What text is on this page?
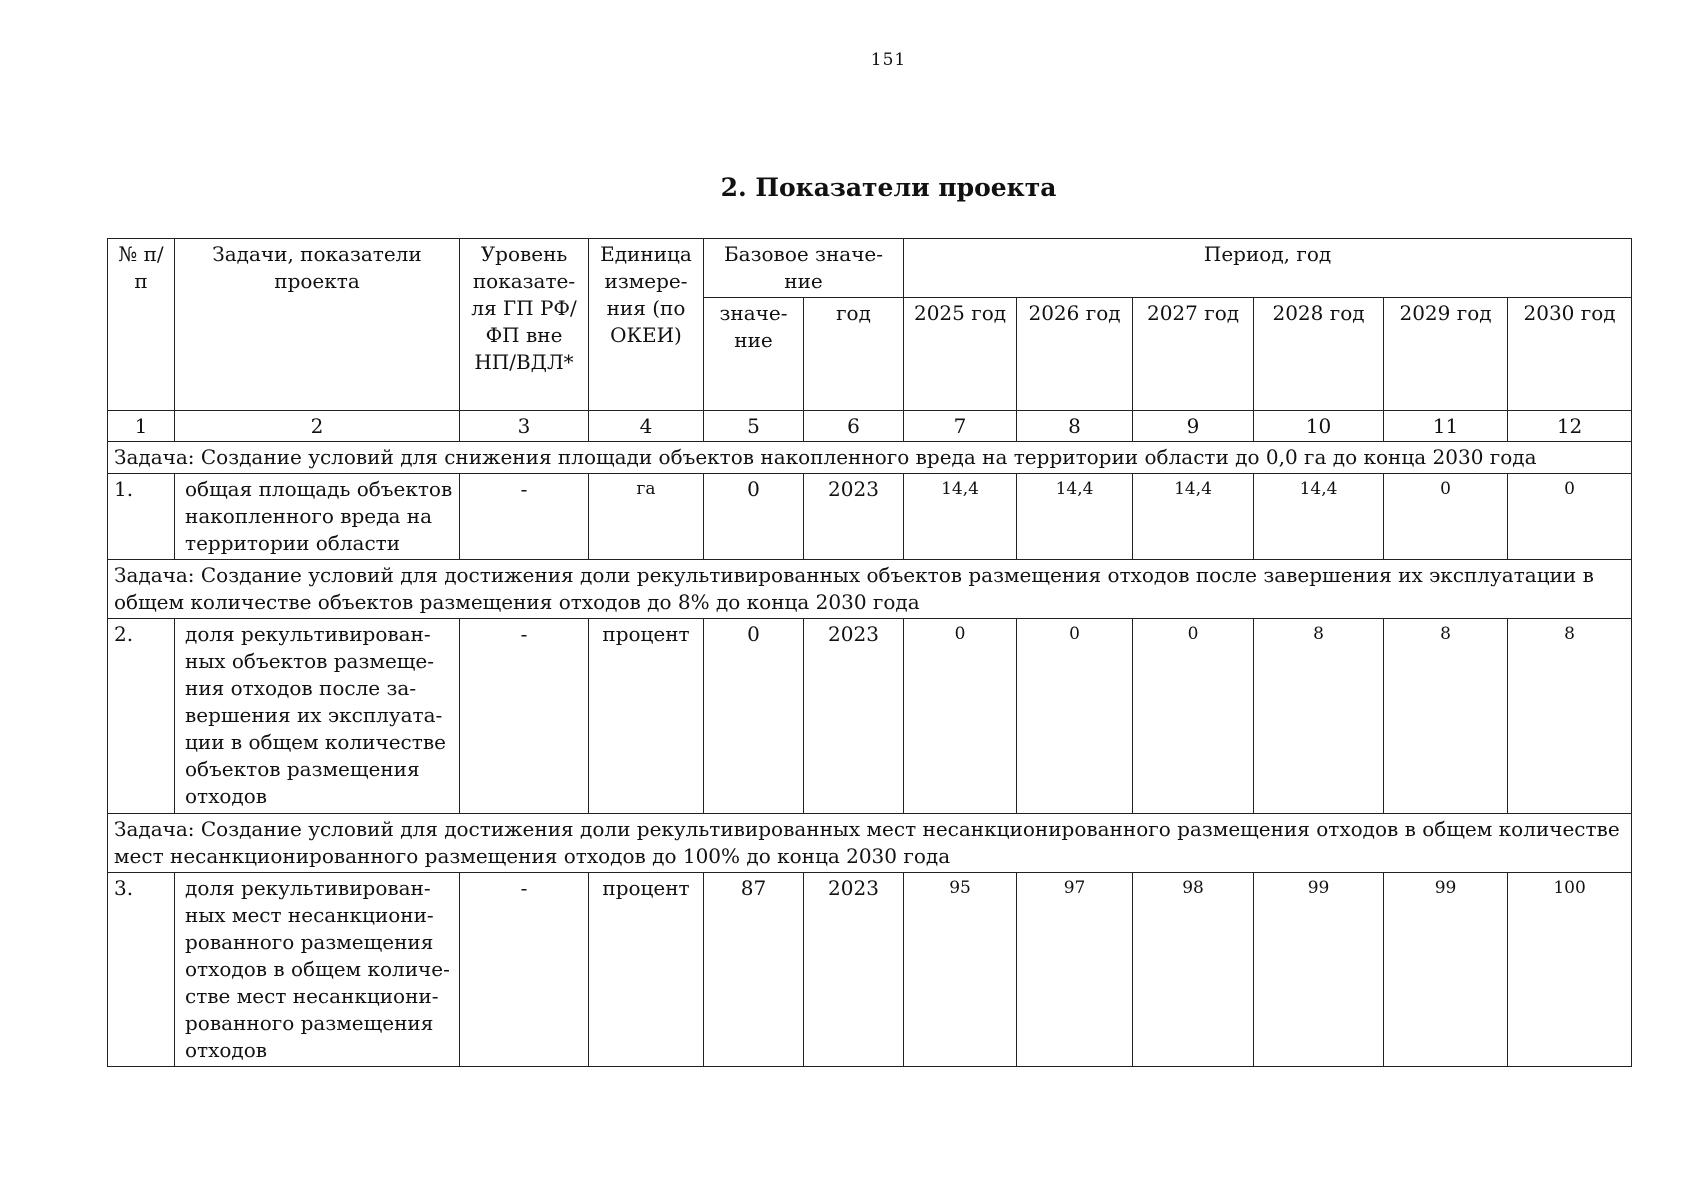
151
2. Показатели проекта
№ п/п	Задачи, показатели проекта	Уровень показате-ля ГП РФ/ФП вне НП/ВДЛ*	Единица измере-ния (по ОКЕИ)	Базовое значе-ние		Период, год					
				значе-ние	год	2025 год	2026 год	2027 год	2028 год	2029 год	2030 год
1	2	3	4	5	6	7	8	9	10	11	12
Задача: Создание условий для снижения площади объектов накопленного вреда на территории области до 0,0 га до конца 2030 года											
1.	общая площадь объектов накопленного вреда на территории области	-	га	0	2023	14,4	14,4	14,4	14,4	0	0
Задача: Создание условий для достижения доли рекультивированных объектов размещения отходов после завершения их эксплуатации в общем количестве объектов размещения отходов до 8% до конца 2030 года											
2.	доля рекультивирован-ных объектов размеще-ния отходов после за-вершения их эксплуата-ции в общем количестве объектов размещения отходов	-	процент	0	2023	0	0	0	8	8	8
Задача: Создание условий для достижения доли рекультивированных мест несанкционированного размещения отходов в общем количестве мест несанкционированного размещения отходов до 100% до конца 2030 года											
3.	доля рекультивирован-ных мест несанкциони-рованного размещения отходов в общем количе-стве мест несанкциони-рованного размещения отходов	-	процент	87	2023	95	97	98	99	99	100
